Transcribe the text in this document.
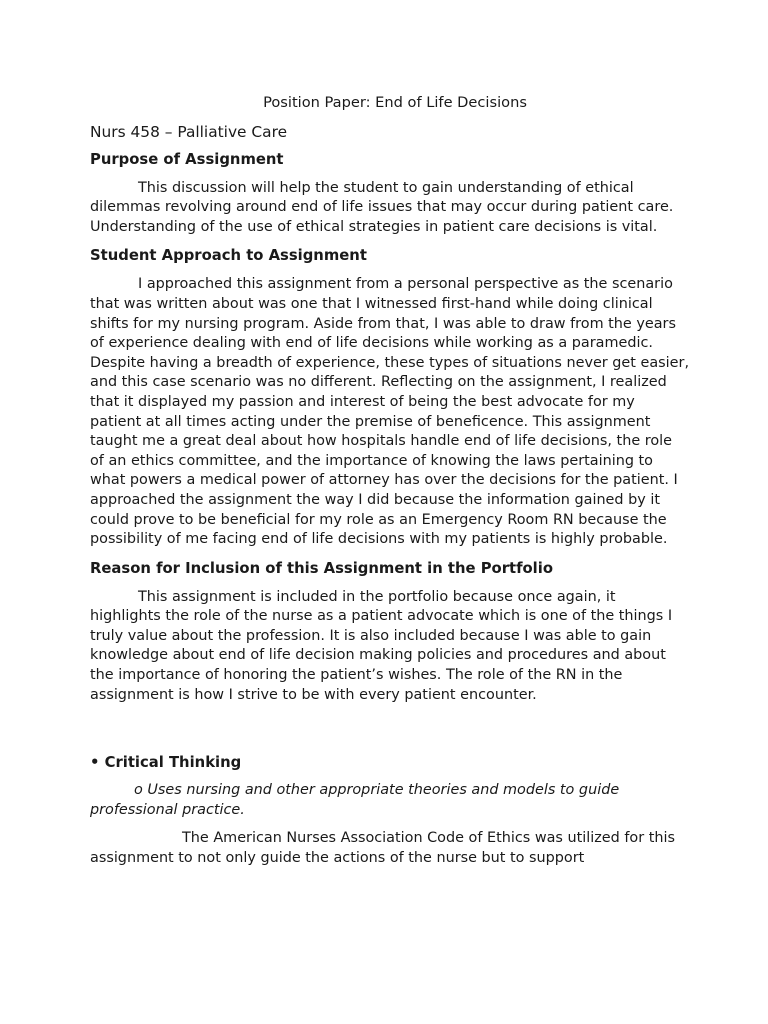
Position Paper: End of Life Decisions
Nurs 458 – Palliative Care
Purpose of Assignment
This discussion will help the student to gain understanding of ethical dilemmas revolving around end of life issues that may occur during patient care. Understanding of the use of ethical strategies in patient care decisions is vital.
Student Approach to Assignment
I approached this assignment from a personal perspective as the scenario that was written about was one that I witnessed first-hand while doing clinical shifts for my nursing program. Aside from that, I was able to draw from the years of experience dealing with end of life decisions while working as a paramedic. Despite having a breadth of experience, these types of situations never get easier, and this case scenario was no different. Reflecting on the assignment, I realized that it displayed my passion and interest of being the best advocate for my patient at all times acting under the premise of beneficence. This assignment taught me a great deal about how hospitals handle end of life decisions, the role of an ethics committee, and the importance of knowing the laws pertaining to what powers a medical power of attorney has over the decisions for the patient. I approached the assignment the way I did because the information gained by it could prove to be beneficial for my role as an Emergency Room RN because the possibility of me facing end of life decisions with my patients is highly probable.
Reason for Inclusion of this Assignment in the Portfolio
This assignment is included in the portfolio because once again, it highlights the role of the nurse as a patient advocate which is one of the things I truly value about the profession. It is also included because I was able to gain knowledge about end of life decision making policies and procedures and about the importance of honoring the patient’s wishes. The role of the RN in the assignment is how I strive to be with every patient encounter.
• Critical Thinking
o Uses nursing and other appropriate theories and models to guide professional practice.
The American Nurses Association Code of Ethics was utilized for this assignment to not only guide the actions of the nurse but to support
